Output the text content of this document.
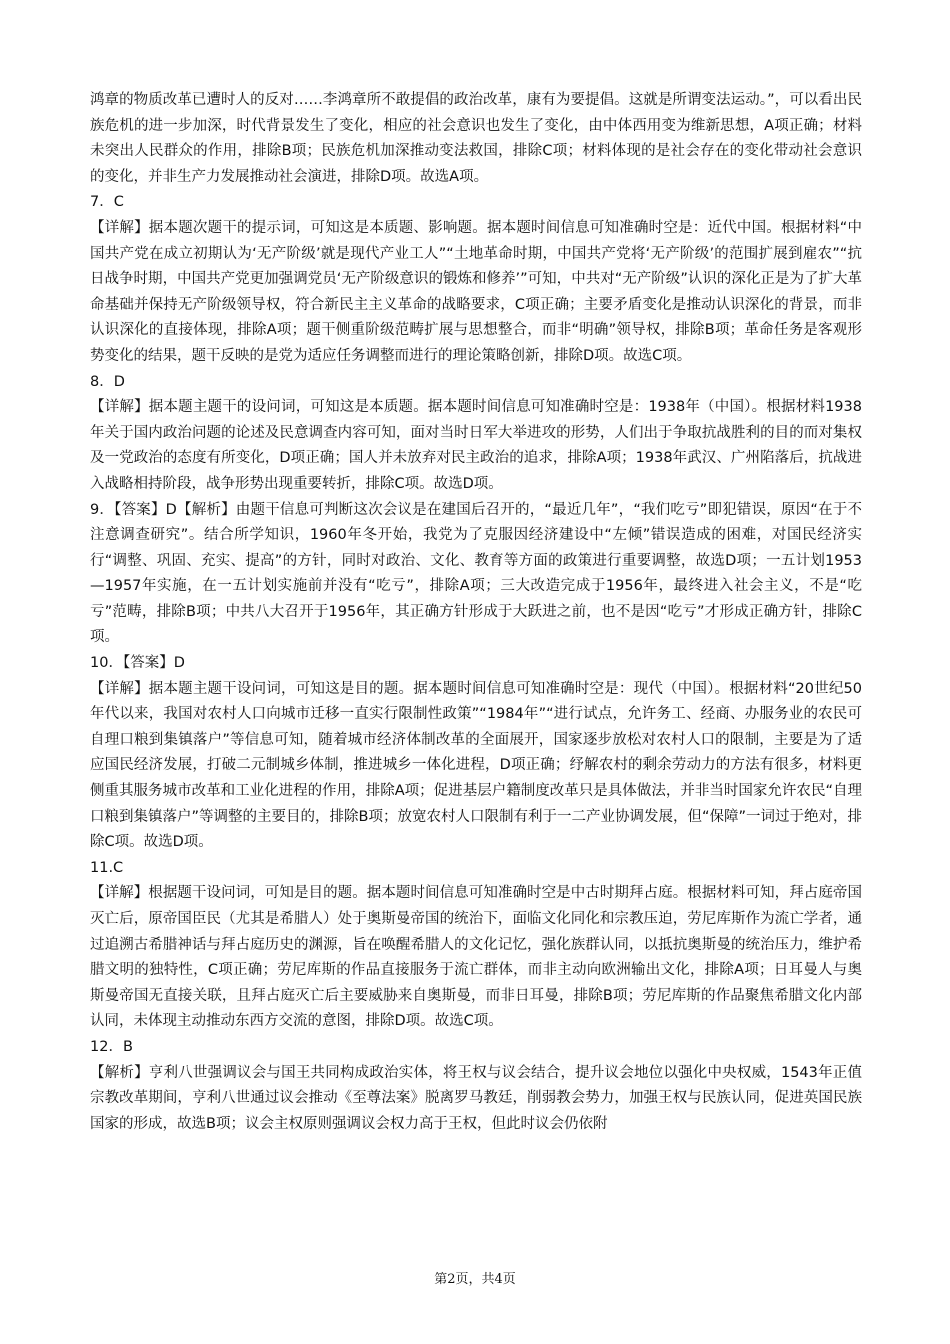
鸿章的物质改革已遭时人的反对……李鸿章所不敢提倡的政治改革，康有为要提倡。这就是所谓变法运动。”，可以看出民族危机的进一步加深，时代背景发生了变化，相应的社会意识也发生了变化，由中体西用变为维新思想，A项正确；材料未突出人民群众的作用，排除B项；民族危机加深推动变法救国，排除C项；材料体现的是社会存在的变化带动社会意识的变化，并非生产力发展推动社会演进，排除D项。故选A项。

7．C

【详解】据本题次题干的提示词，可知这是本质题、影响题。据本题时间信息可知准确时空是：近代中国。根据材料“中国共产党在成立初期认为‘无产阶级’就是现代产业工人”“土地革命时期，中国共产党将‘无产阶级’的范围扩展到雇农”“抗日战争时期，中国共产党更加强调党员‘无产阶级意识的锻炼和修养’”可知，中共对“无产阶级”认识的深化正是为了扩大革命基础并保持无产阶级领导权，符合新民主主义革命的战略要求，C项正确；主要矛盾变化是推动认识深化的背景，而非认识深化的直接体现，排除A项；题干侧重阶级范畴扩展与思想整合，而非“明确”领导权，排除B项；革命任务是客观形势变化的结果，题干反映的是党为适应任务调整而进行的理论策略创新，排除D项。故选C项。

8．D

【详解】据本题主题干的设问词，可知这是本质题。据本题时间信息可知准确时空是：1938年（中国）。根据材料1938年关于国内政治问题的论述及民意调查内容可知，面对当时日军大举进攻的形势，人们出于争取抗战胜利的目的而对集权及一党政治的态度有所变化，D项正确；国人并未放弃对民主政治的追求，排除A项；1938年武汉、广州陷落后，抗战进入战略相持阶段，战争形势出现重要转折，排除C项。故选D项。

9．【答案】D【解析】由题干信息可判断这次会议是在建国后召开的，“最近几年”，“我们吃亏”即犯错误，原因“在于不注意调查研究”。结合所学知识，1960年冬开始，我党为了克服因经济建设中“左倾”错误造成的困难，对国民经济实行“调整、巩固、充实、提高”的方针，同时对政治、文化、教育等方面的政策进行重要调整，故选D项；一五计划1953—1957年实施，在一五计划实施前并没有“吃亏”，排除A项；三大改造完成于1956年，最终进入社会主义，不是“吃亏”范畴，排除B项；中共八大召开于1956年，其正确方针形成于大跃进之前，也不是因“吃亏”才形成正确方针，排除C项。

10．【答案】D

【详解】据本题主题干设问词，可知这是目的题。据本题时间信息可知准确时空是：现代（中国）。根据材料“20世纪50年代以来，我国对农村人口向城市迁移一直实行限制性政策”“1984年”“进行试点，允许务工、经商、办服务业的农民可自理口粮到集镇落户”等信息可知，随着城市经济体制改革的全面展开，国家逐步放松对农村人口的限制，主要是为了适应国民经济发展，打破二元制城乡体制，推进城乡一体化进程，D项正确；纾解农村的剩余劳动力的方法有很多，材料更侧重其服务城市改革和工业化进程的作用，排除A项；促进基层户籍制度改革只是具体做法，并非当时国家允许农民“自理口粮到集镇落户”等调整的主要目的，排除B项；放宽农村人口限制有利于一二产业协调发展，但“保障”一词过于绝对，排除C项。故选D项。

11.C

【详解】根据题干设问词，可知是目的题。据本题时间信息可知准确时空是中古时期拜占庭。根据材料可知，拜占庭帝国灭亡后，原帝国臣民（尤其是希腊人）处于奥斯曼帝国的统治下，面临文化同化和宗教压迫，劳尼库斯作为流亡学者，通过追溯古希腊神话与拜占庭历史的渊源，旨在唤醒希腊人的文化记忆，强化族群认同，以抵抗奥斯曼的统治压力，维护希腊文明的独特性，C项正确；劳尼库斯的作品直接服务于流亡群体，而非主动向欧洲输出文化，排除A项；日耳曼人与奥斯曼帝国无直接关联，且拜占庭灭亡后主要威胁来自奥斯曼，而非日耳曼，排除B项；劳尼库斯的作品聚焦希腊文化内部认同，未体现主动推动东西方交流的意图，排除D项。故选C项。

12．B

【解析】亨利八世强调议会与国王共同构成政治实体，将王权与议会结合，提升议会地位以强化中央权威，1543年正值宗教改革期间，亨利八世通过议会推动《至尊法案》脱离罗马教廷，削弱教会势力，加强王权与民族认同，促进英国民族国家的形成，故选B项；议会主权原则强调议会权力高于王权，但此时议会仍依附

第2页，共4页
